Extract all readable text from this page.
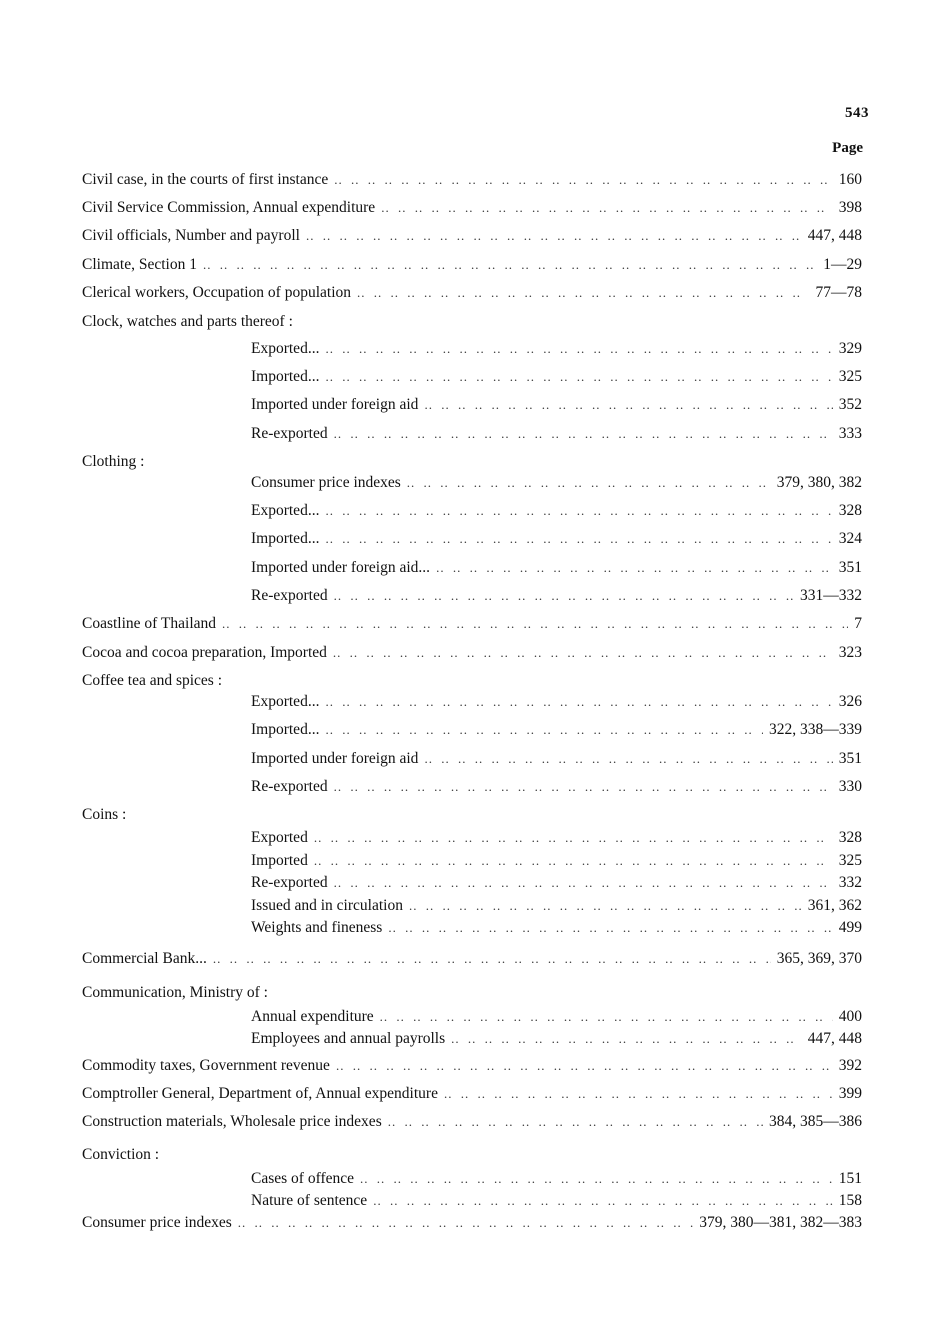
543
Page
Civil case, in the courts of first instance .. ..	160
Civil Service Commission, Annual expenditure .. ..	398
Civil officials, Number and payroll .. ..	447, 448
Climate, Section 1 .. ..	1—29
Clerical workers, Occupation of population .. ..	77—78
Clock, watches and parts thereof :
Exported... .. ..	329
Imported... .. ..	325
Imported under foreign aid .. ..	352
Re-exported .. ..	333
Clothing :
Consumer price indexes .. ..	379, 380, 382
Exported... .. ..	328
Imported... .. ..	324
Imported under foreign aid... .. ..	351
Re-exported .. ..	331—332
Coastline of Thailand .. ..	7
Cocoa and cocoa preparation, Imported .. ..	323
Coffee tea and spices :
Exported... .. ..	326
Imported... .. ..	322, 338—339
Imported under foreign aid .. ..	351
Re-exported .. ..	330
Coins :
Exported .. ..	328
Imported .. ..	325
Re-exported .. ..	332
Issued and in circulation .. ..	361, 362
Weights and fineness .. ..	499
Commercial Bank... .. ..	365, 369, 370
Communication, Ministry of :
Annual expenditure .. ..	400
Employees and annual payrolls .. ..	447, 448
Commodity taxes, Government revenue .. ..	392
Comptroller General, Department of, Annual expenditure .. ..	399
Construction materials, Wholesale price indexes .. ..	384, 385—386
Conviction :
Cases of offence .. ..	151
Nature of sentence .. ..	158
Consumer price indexes .. ..	379, 380—381, 382—383
